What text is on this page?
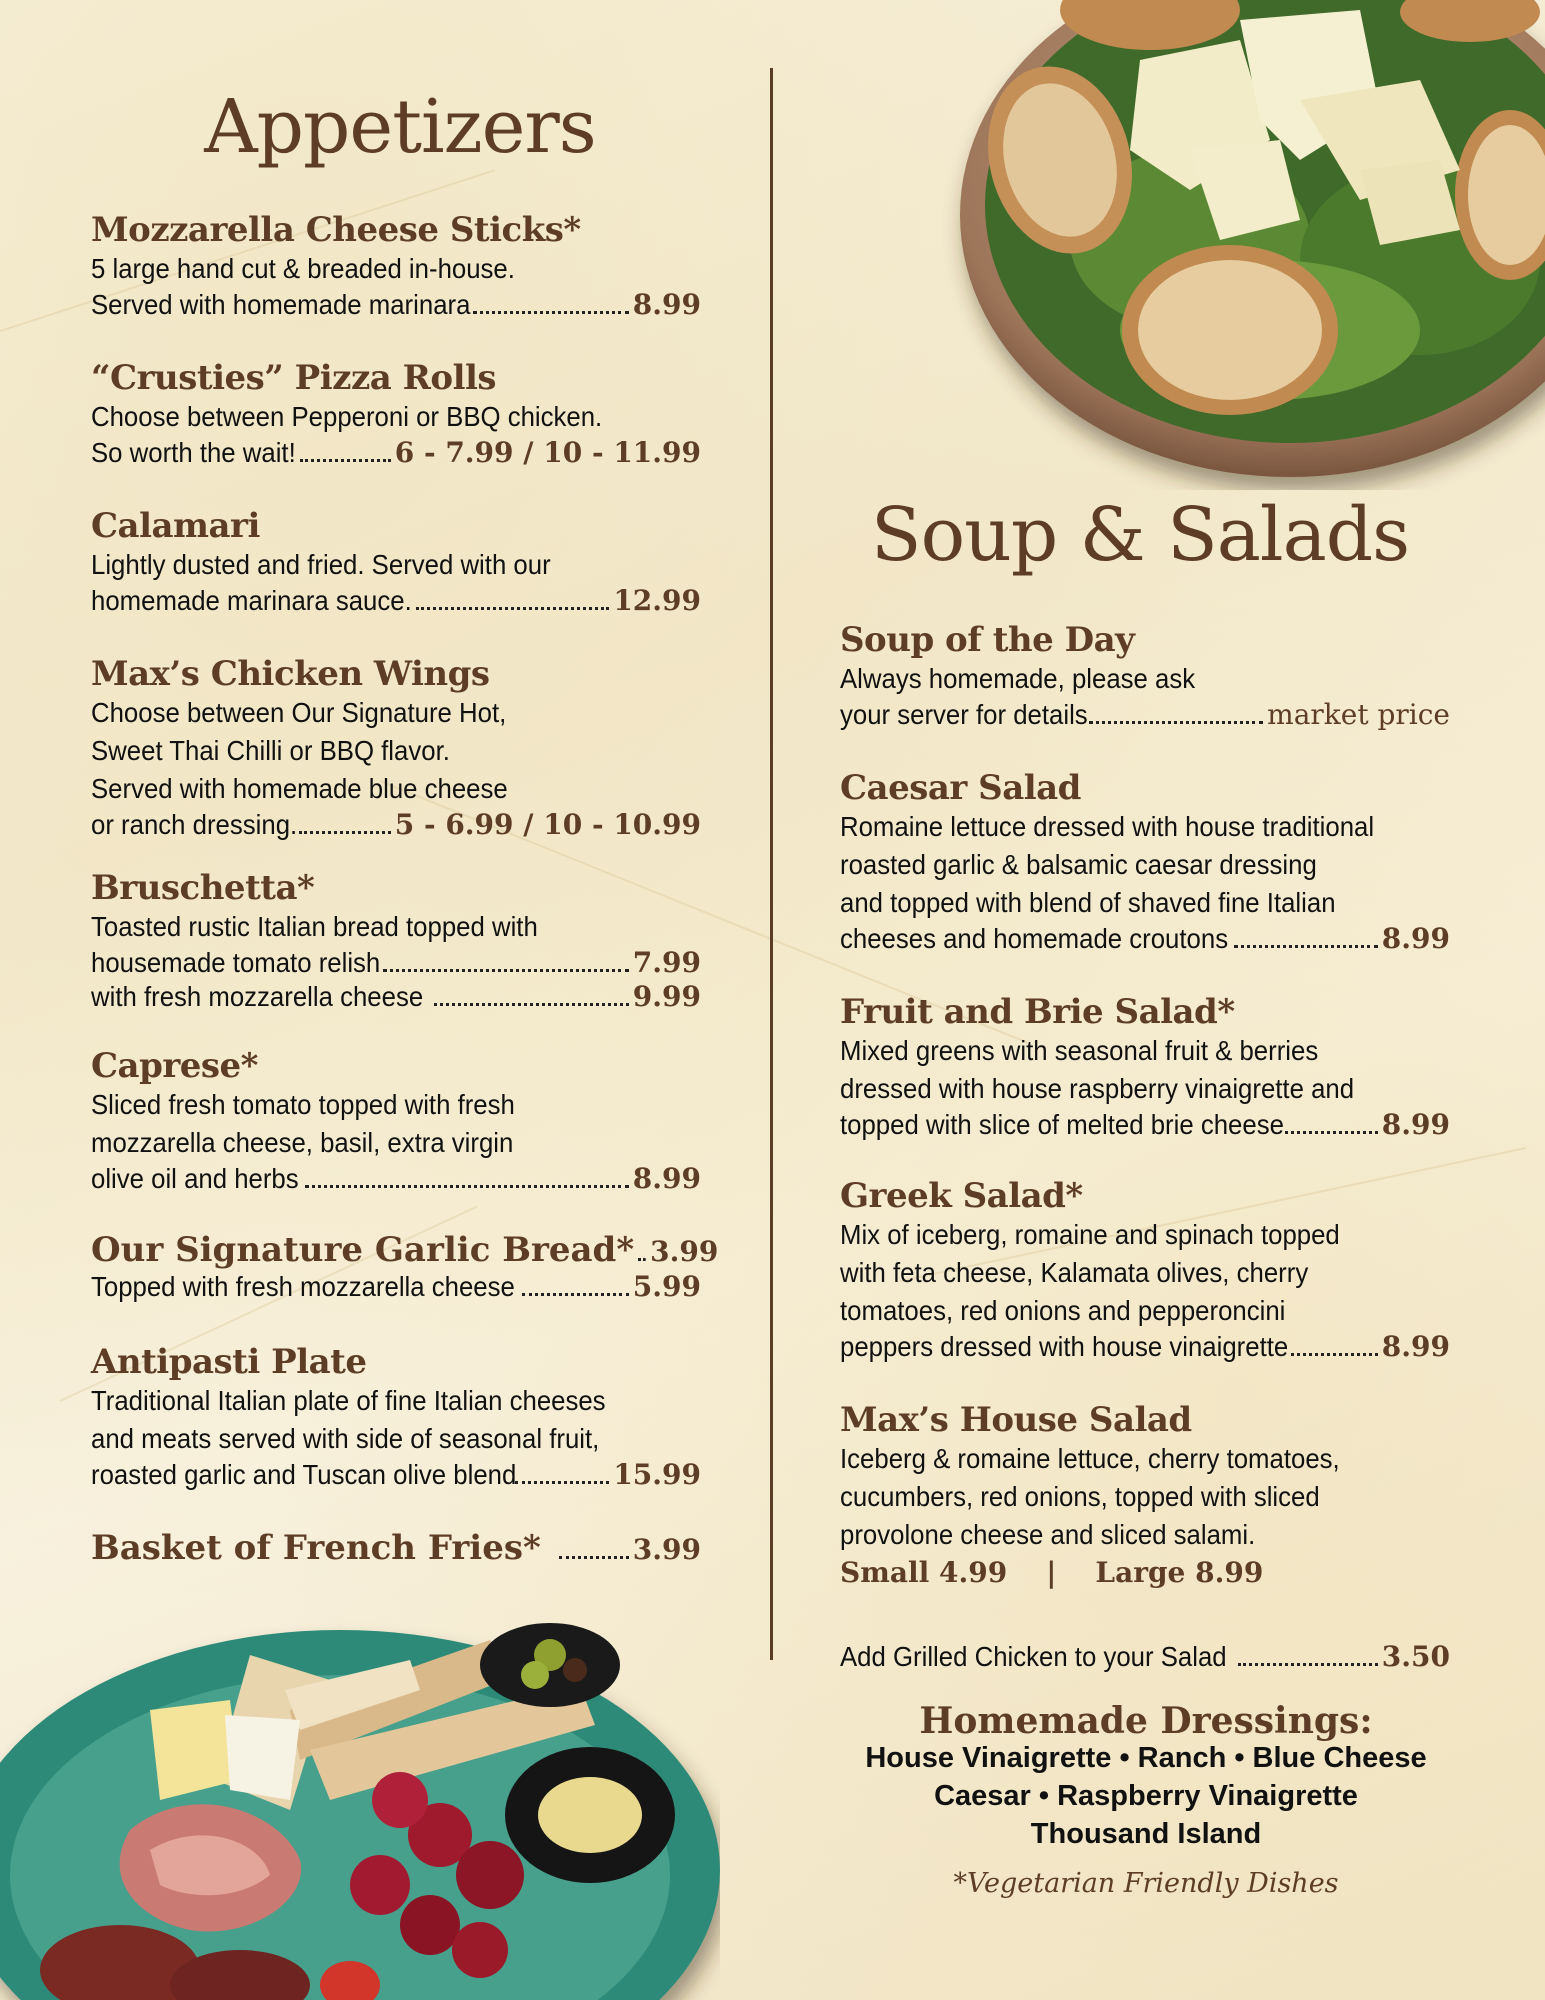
Appetizers
Mozzarella Cheese Sticks*
5 large hand cut & breaded in-house.
Served with homemade marinara	8.99
“Crusties” Pizza Rolls
Choose between Pepperoni or BBQ chicken.
So worth the wait!	6 - 7.99 / 10 - 11.99
Calamari
Lightly dusted and fried. Served with our
homemade marinara sauce.	12.99
Max’s Chicken Wings
Choose between Our Signature Hot,
Sweet Thai Chilli or BBQ flavor.
Served with homemade blue cheese
or ranch dressing.	5 - 6.99 / 10 - 10.99
Bruschetta*
Toasted rustic Italian bread topped with
housemade tomato relish	7.99
with fresh mozzarella cheese	9.99
Caprese*
Sliced fresh tomato topped with fresh
mozzarella cheese, basil, extra virgin
olive oil and herbs	8.99
Our Signature Garlic Bread* 3.99
Topped with fresh mozzarella cheese	5.99
Antipasti Plate
Traditional Italian plate of fine Italian cheeses
and meats served with side of seasonal fruit,
roasted garlic and Tuscan olive blend	15.99
Basket of French Fries*	3.99
Soup & Salads
Soup of the Day
Always homemade, please ask
your server for details	market price
Caesar Salad
Romaine lettuce dressed with house traditional
roasted garlic & balsamic caesar dressing
and topped with blend of shaved fine Italian
cheeses and homemade croutons	8.99
Fruit and Brie Salad*
Mixed greens with seasonal fruit & berries
dressed with house raspberry vinaigrette and
topped with slice of melted brie cheese	8.99
Greek Salad*
Mix of iceberg, romaine and spinach topped
with feta cheese, Kalamata olives, cherry
tomatoes, red onions and pepperoncini
peppers dressed with house vinaigrette	8.99
Max’s House Salad
Iceberg & romaine lettuce, cherry tomatoes,
cucumbers, red onions, topped with sliced
provolone cheese and sliced salami.
Small 4.99    |    Large 8.99
Add Grilled Chicken to your Salad	3.50
Homemade Dressings:
House Vinaigrette • Ranch • Blue Cheese
Caesar • Raspberry Vinaigrette
Thousand Island
*Vegetarian Friendly Dishes
